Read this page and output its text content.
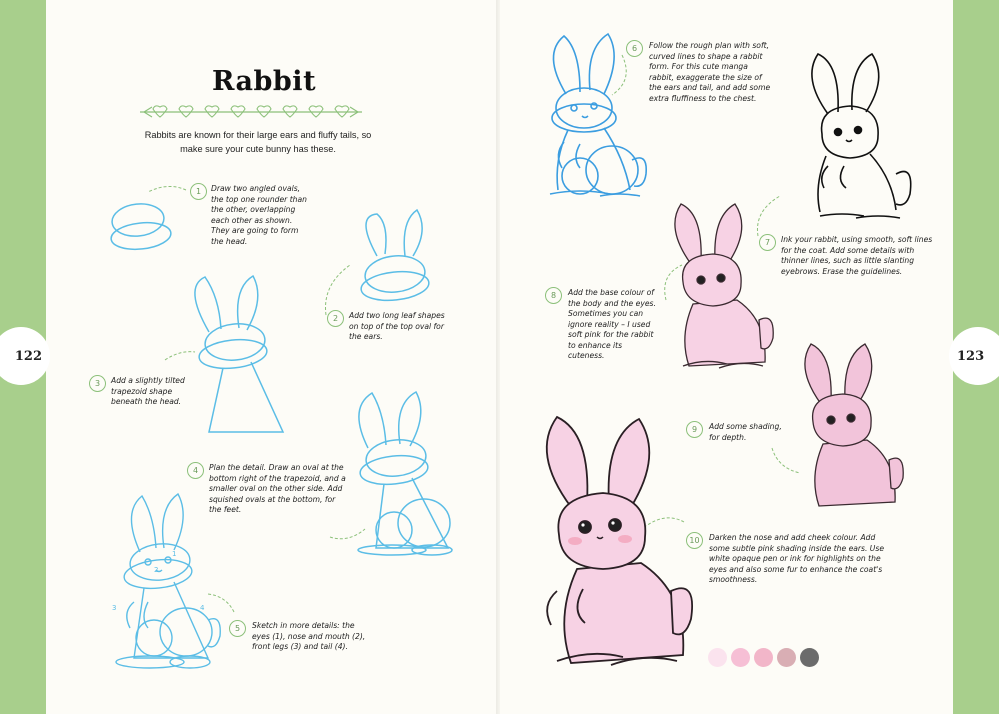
122	123
Rabbit
Rabbits are known for their large ears and fluffy tails, so make sure your cute bunny has these.
1	Draw two angled ovals, the top one rounder than the other, overlapping each other as shown. They are going to form the head.
2	Add two long leaf shapes on top of the top oval for the ears.
3	Add a slightly tilted trapezoid shape beneath the head.
4	Plan the detail. Draw an oval at the bottom right of the trapezoid, and a smaller oval on the other side. Add squished ovals at the bottom, for the feet.
5	Sketch in more details: the eyes (1), nose and mouth (2), front legs (3) and tail (4).
6	Follow the rough plan with soft, curved lines to shape a rabbit form. For this cute manga rabbit, exaggerate the size of the ears and tail, and add some extra fluffiness to the chest.
7	Ink your rabbit, using smooth, soft lines for the coat. Add some details with thinner lines, such as little slanting eyebrows. Erase the guidelines.
8	Add the base colour of the body and the eyes. Sometimes you can ignore reality – I used soft pink for the rabbit to enhance its cuteness.
9	Add some shading, for depth.
10	Darken the nose and add cheek colour. Add some subtle pink shading inside the ears. Use white opaque pen or ink for highlights on the eyes and also some fur to enhance the coat's smoothness.
1
2
3	4
